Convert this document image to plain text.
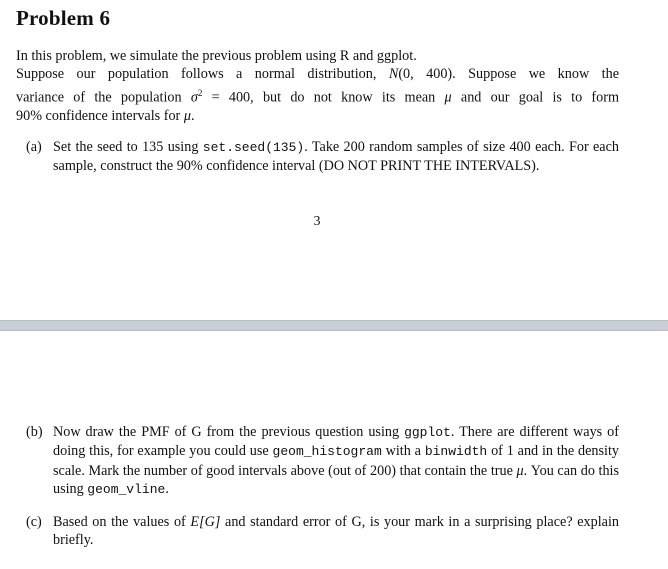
Problem 6
In this problem, we simulate the previous problem using R and ggplot.
Suppose our population follows a normal distribution, N(0, 400). Suppose we know the
variance of the population $\sigma^2 = 400$, but do not know its mean μ and our goal is to form
90% confidence intervals for μ.
(a) Set the seed to 135 using set.seed(135). Take 200 random samples of size 400 each. For each sample, construct the 90% confidence interval (DO NOT PRINT THE INTERVALS).
3
(b) Now draw the PMF of G from the previous question using ggplot. There are different ways of doing this, for example you could use geom_histogram with a binwidth of 1 and in the density scale. Mark the number of good intervals above (out of 200) that contain the true μ. You can do this using geom_vline.
(c) Based on the values of E[G] and standard error of G, is your mark in a surprising place? explain briefly.
